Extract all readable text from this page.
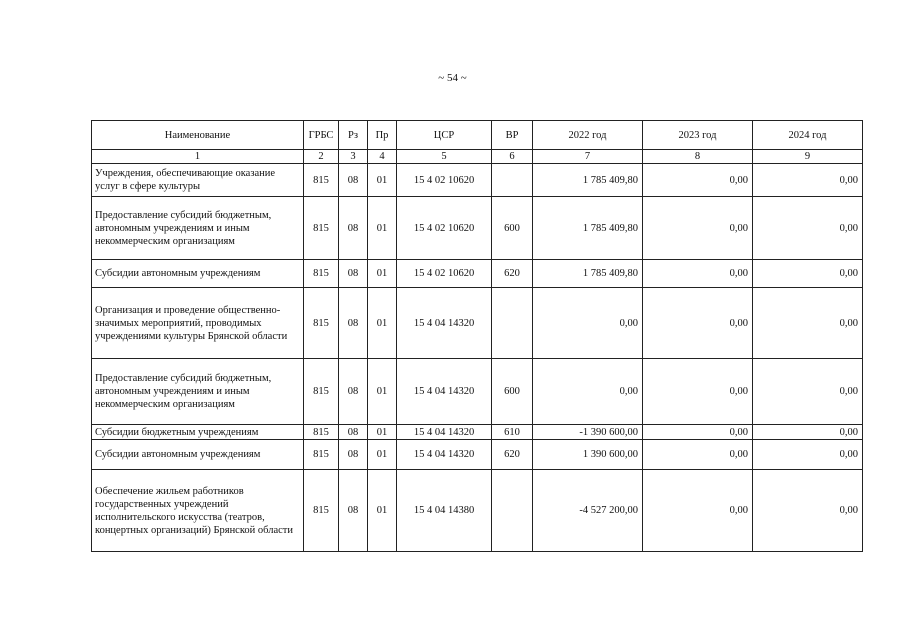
~ 54 ~
Наименование	ГРБС	Рз	Пр	ЦСР	ВР	2022 год	2023 год	2024 год
1	2	3	4	5	6	7	8	9
Учреждения, обеспечивающие оказание услуг в сфере культуры	815	08	01	15 4 02 10620		1 785 409,80	0,00	0,00
Предоставление субсидий бюджетным, автономным учреждениям и иным некоммерческим организациям	815	08	01	15 4 02 10620	600	1 785 409,80	0,00	0,00
Субсидии автономным учреждениям	815	08	01	15 4 02 10620	620	1 785 409,80	0,00	0,00
Организация и проведение общественно-значимых мероприятий, проводимых учреждениями культуры Брянской области	815	08	01	15 4 04 14320		0,00	0,00	0,00
Предоставление субсидий бюджетным, автономным учреждениям и иным некоммерческим организациям	815	08	01	15 4 04 14320	600	0,00	0,00	0,00
Субсидии бюджетным учреждениям	815	08	01	15 4 04 14320	610	-1 390 600,00	0,00	0,00
Субсидии автономным учреждениям	815	08	01	15 4 04 14320	620	1 390 600,00	0,00	0,00
Обеспечение жильем работников государственных учреждений исполнительского искусства (театров, концертных организаций) Брянской области	815	08	01	15 4 04 14380		-4 527 200,00	0,00	0,00
